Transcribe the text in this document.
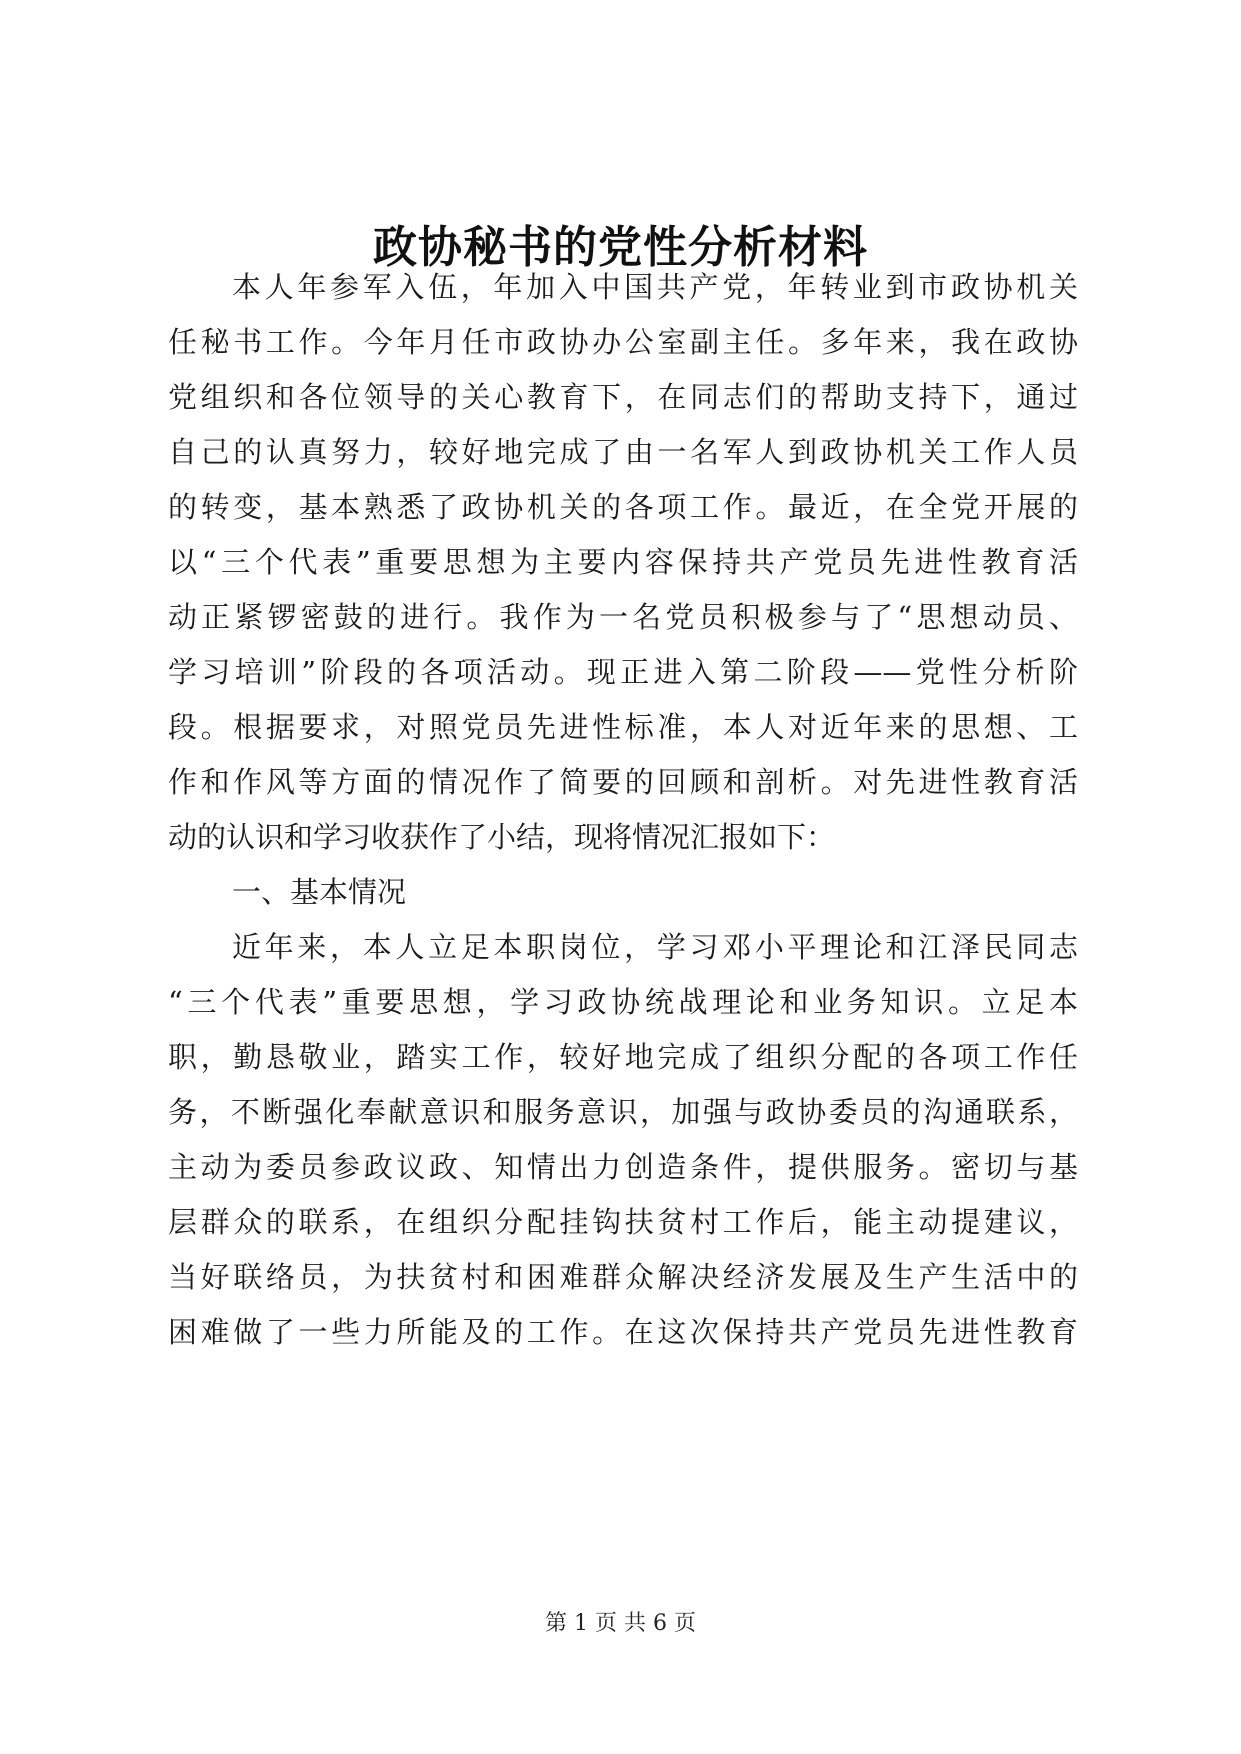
政协秘书的党性分析材料
本人年参军入伍，年加入中国共产党，年转业到市政协机关
任秘书工作。今年月任市政协办公室副主任。多年来，我在政协
党组织和各位领导的关心教育下，在同志们的帮助支持下，通过
自己的认真努力，较好地完成了由一名军人到政协机关工作人员
的转变，基本熟悉了政协机关的各项工作。最近，在全党开展的
以“三个代表”重要思想为主要内容保持共产党员先进性教育活
动正紧锣密鼓的进行。我作为一名党员积极参与了“思想动员、
学习培训”阶段的各项活动。现正进入第二阶段——党性分析阶
段。根据要求，对照党员先进性标准，本人对近年来的思想、工
作和作风等方面的情况作了简要的回顾和剖析。对先进性教育活
动的认识和学习收获作了小结，现将情况汇报如下：
一、基本情况
近年来，本人立足本职岗位，学习邓小平理论和江泽民同志
“三个代表”重要思想，学习政协统战理论和业务知识。立足本
职，勤恳敬业，踏实工作，较好地完成了组织分配的各项工作任
务，不断强化奉献意识和服务意识，加强与政协委员的沟通联系，
主动为委员参政议政、知情出力创造条件，提供服务。密切与基
层群众的联系，在组织分配挂钩扶贫村工作后，能主动提建议，
当好联络员，为扶贫村和困难群众解决经济发展及生产生活中的
困难做了一些力所能及的工作。在这次保持共产党员先进性教育
第 1 页 共 6 页
